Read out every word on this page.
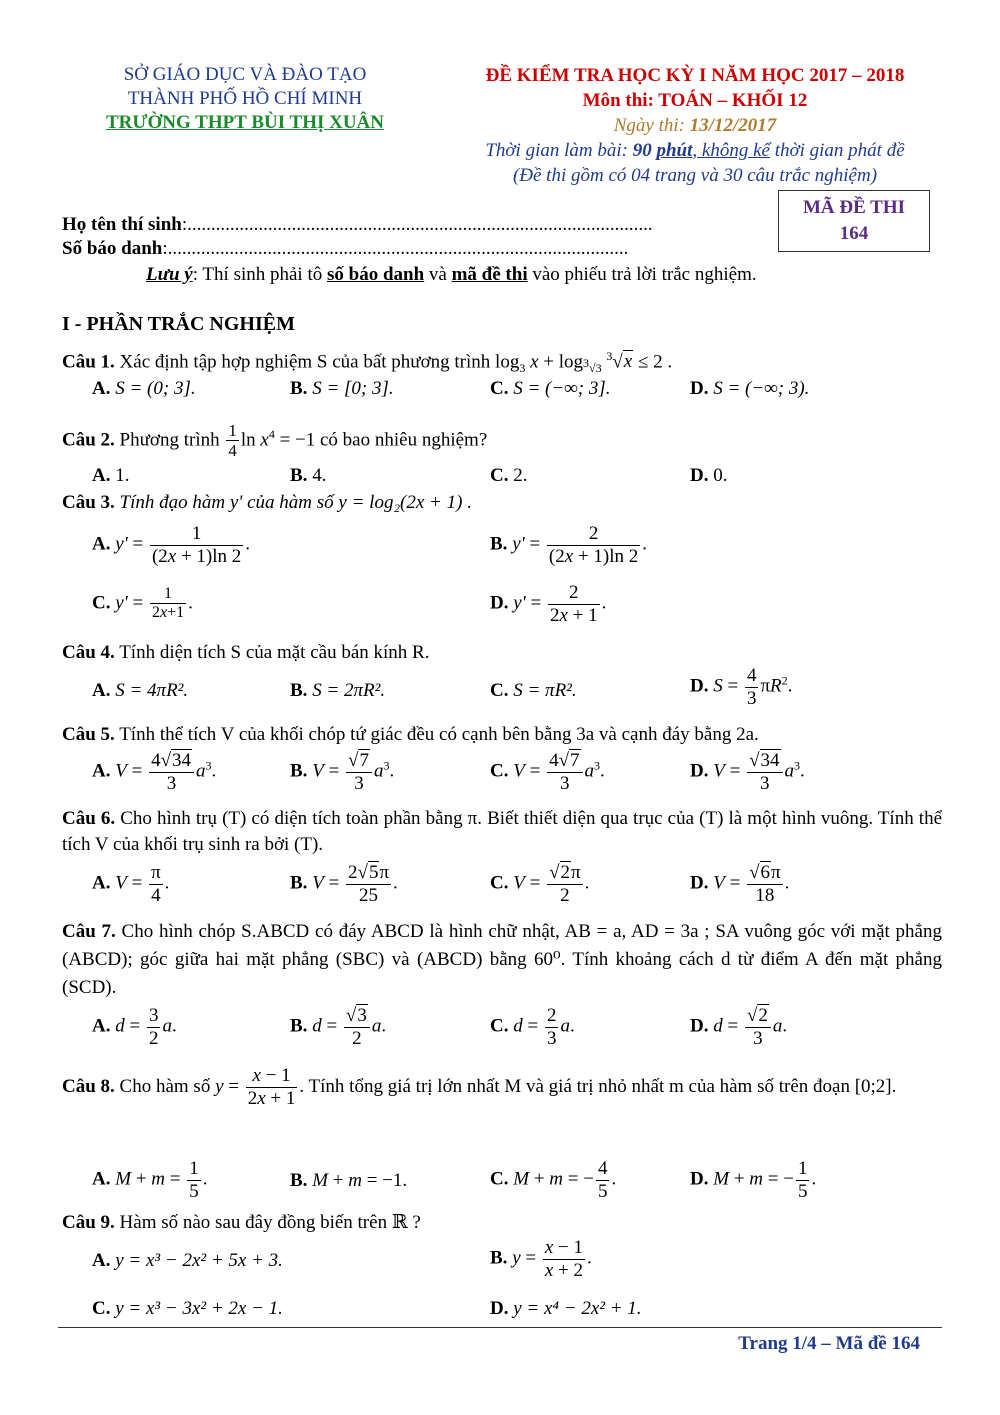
SỞ GIÁO DỤC VÀ ĐÀO TẠO
THÀNH PHỐ HỒ CHÍ MINH
TRƯỜNG THPT BÙI THỊ XUÂN
ĐỀ KIỂM TRA HỌC KỲ I NĂM HỌC 2017 – 2018
Môn thi: TOÁN – KHỐI 12
Ngày thi: 13/12/2017
Thời gian làm bài: 90 phút, không kể thời gian phát đề
(Đề thi gồm có 04 trang và 30 câu trắc nghiệm)
MÃ ĐỀ THI
164
Họ tên thí sinh:..................................................................................................
Số báo danh:.................................................................................................
Lưu ý: Thí sinh phải tô số báo danh và mã đề thi vào phiếu trả lời trắc nghiệm.
I - PHẦN TRẮC NGHIỆM
Câu 1. Xác định tập hợp nghiệm S của bất phương trình $\log_3 x + \log_{^3√3} ^3√x \le 2$ .
A. S = (0; 3].	B. S = [0; 3].	C. S = (−∞; 3].	D. S = (−∞; 3).
Câu 2. Phương trình $\frac{1}{4}$ $\ln x^4 = -1$ có bao nhiêu nghiệm?
A. 1.	B. 4.	C. 2.	D. 0.
Câu 3. Tính đạo hàm y' của hàm số y = log₂(2x + 1) .
A. $y' = \frac{1}{(2x + 1)\ln 2}$ .	B. $y' = \frac{2}{(2x + 1)\ln 2}$ .
C. $y' = \frac{1}{2x+1}$ .	D. $y' = \frac{2}{2x + 1}$ .
Câu 4. Tính diện tích S của mặt cầu bán kính R.
A. S = 4πR².	B. S = 2πR².	C. S = πR².	D. $S = \frac{4}{3} \pi R^2$.
Câu 5. Tính thể tích V của khối chóp tứ giác đều có cạnh bên bằng 3a và cạnh đáy bằng 2a.
A. $V = \frac{4√34}{3} a^3$.	B. $V = \frac{√7}{3} a^3$.	C. $V = \frac{4√7}{3} a^3$.	D. $V = \frac{√34}{3} a^3$.
Câu 6. Cho hình trụ (T) có diện tích toàn phần bằng π. Biết thiết diện qua trục của (T) là một hình vuông. Tính thể tích V của khối trụ sinh ra bởi (T).
A. $V = \frac{\pi}{4}$ .	B. $V = \frac{2√5\pi}{25}$ .	C. $V = \frac{√2\pi}{2}$ .	D. $V = \frac{√6\pi}{18}$ .
Câu 7. Cho hình chóp S.ABCD có đáy ABCD là hình chữ nhật, AB = a, AD = 3a ; SA vuông góc với mặt phẳng (ABCD); góc giữa hai mặt phẳng (SBC) và (ABCD) bằng 60⁰. Tính khoảng cách d từ điểm A đến mặt phẳng (SCD).
A. $d = \frac{3}{2} a$.	B. $d = \frac{√3}{2} a$.	C. $d = \frac{2}{3} a$.	D. $d = \frac{√2}{3} a$.
Câu 8. Cho hàm số $y = \frac{x - 1}{2x + 1}$ . Tính tổng giá trị lớn nhất M và giá trị nhỏ nhất m của hàm số trên đoạn [0;2].
A. $M + m = \frac{1}{5}$ .	B. M + m = −1.	C. M + m = − $\frac{4}{5}$ .	D. M + m = − $\frac{1}{5}$ .
Câu 9. Hàm số nào sau đây đồng biến trên ℝ ?
A. y = x³ − 2x² + 5x + 3.	B. $y = \frac{x - 1}{x + 2}$ .
C. y = x³ − 3x² + 2x − 1.	D. y = x⁴ − 2x² + 1.
Trang 1/4 – Mã đề 164
